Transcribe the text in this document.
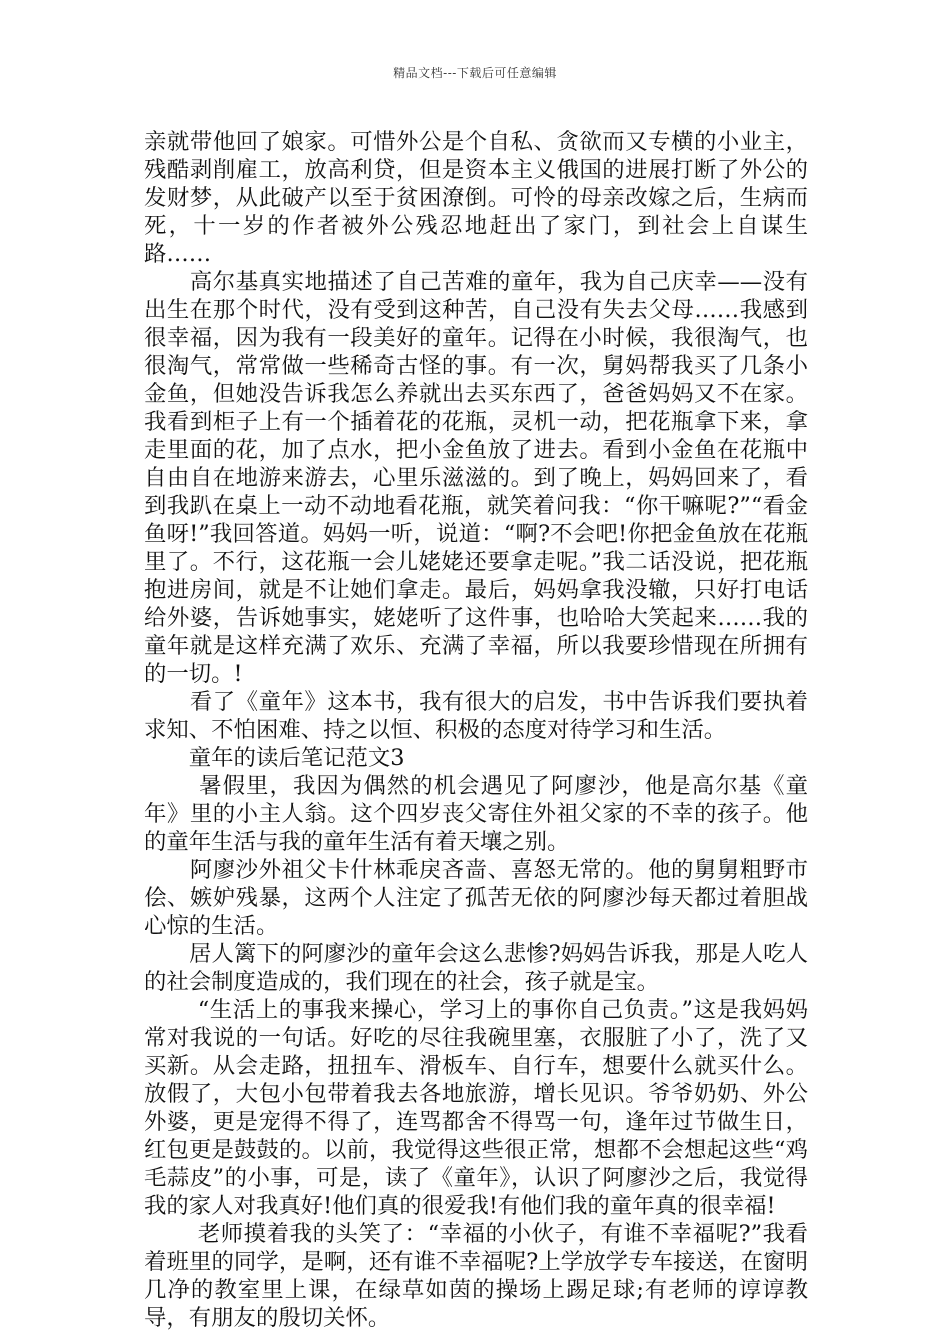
精品文档---下载后可任意编辑

亲就带他回了娘家。可惜外公是个自私、贪欲而又专横的小业主，残酷剥削雇工，放高利贷，但是资本主义俄国的进展打断了外公的发财梦，从此破产以至于贫困潦倒。可怜的母亲改嫁之后，生病而死，十一岁的作者被外公残忍地赶出了家门，到社会上自谋生路……

　　高尔基真实地描述了自己苦难的童年，我为自己庆幸——没有出生在那个时代，没有受到这种苦，自己没有失去父母……我感到很幸福，因为我有一段美好的童年。记得在小时候，我很淘气，也很淘气，常常做一些稀奇古怪的事。有一次，舅妈帮我买了几条小金鱼，但她没告诉我怎么养就出去买东西了，爸爸妈妈又不在家。我看到柜子上有一个插着花的花瓶，灵机一动，把花瓶拿下来，拿走里面的花，加了点水，把小金鱼放了进去。看到小金鱼在花瓶中自由自在地游来游去，心里乐滋滋的。到了晚上，妈妈回来了，看到我趴在桌上一动不动地看花瓶，就笑着问我：“你干嘛呢?”“看金鱼呀!”我回答道。妈妈一听，说道：“啊?不会吧!你把金鱼放在花瓶里了。不行，这花瓶一会儿姥姥还要拿走呢。”我二话没说，把花瓶抱进房间，就是不让她们拿走。最后，妈妈拿我没辙，只好打电话给外婆，告诉她事实，姥姥听了这件事，也哈哈大笑起来……我的童年就是这样充满了欢乐、充满了幸福，所以我要珍惜现在所拥有的一切。!

　　看了《童年》这本书，我有很大的启发，书中告诉我们要执着求知、不怕困难、持之以恒、积极的态度对待学习和生活。

　　童年的读后笔记范文3

　　 暑假里，我因为偶然的机会遇见了阿廖沙，他是高尔基《童年》里的小主人翁。这个四岁丧父寄住外祖父家的不幸的孩子。他的童年生活与我的童年生活有着天壤之别。

　　阿廖沙外祖父卡什林乖戾吝啬、喜怒无常的。他的舅舅粗野市侩、嫉妒残暴，这两个人注定了孤苦无依的阿廖沙每天都过着胆战心惊的生活。

　　居人篱下的阿廖沙的童年会这么悲惨?妈妈告诉我，那是人吃人的社会制度造成的，我们现在的社会，孩子就是宝。

　　 “生活上的事我来操心，学习上的事你自己负责。”这是我妈妈常对我说的一句话。好吃的尽往我碗里塞，衣服脏了小了，洗了又买新。从会走路，扭扭车、滑板车、自行车，想要什么就买什么。放假了，大包小包带着我去各地旅游，增长见识。爷爷奶奶、外公外婆，更是宠得不得了，连骂都舍不得骂一句，逢年过节做生日，红包更是鼓鼓的。以前，我觉得这些很正常，想都不会想起这些“鸡毛蒜皮”的小事，可是，读了《童年》，认识了阿廖沙之后，我觉得我的家人对我真好!他们真的很爱我!有他们我的童年真的很幸福!

　　 老师摸着我的头笑了：“幸福的小伙子，有谁不幸福呢?”我看着班里的同学，是啊，还有谁不幸福呢?上学放学专车接送，在窗明几净的教室里上课，在绿草如茵的操场上踢足球;有老师的谆谆教导，有朋友的殷切关怀。
